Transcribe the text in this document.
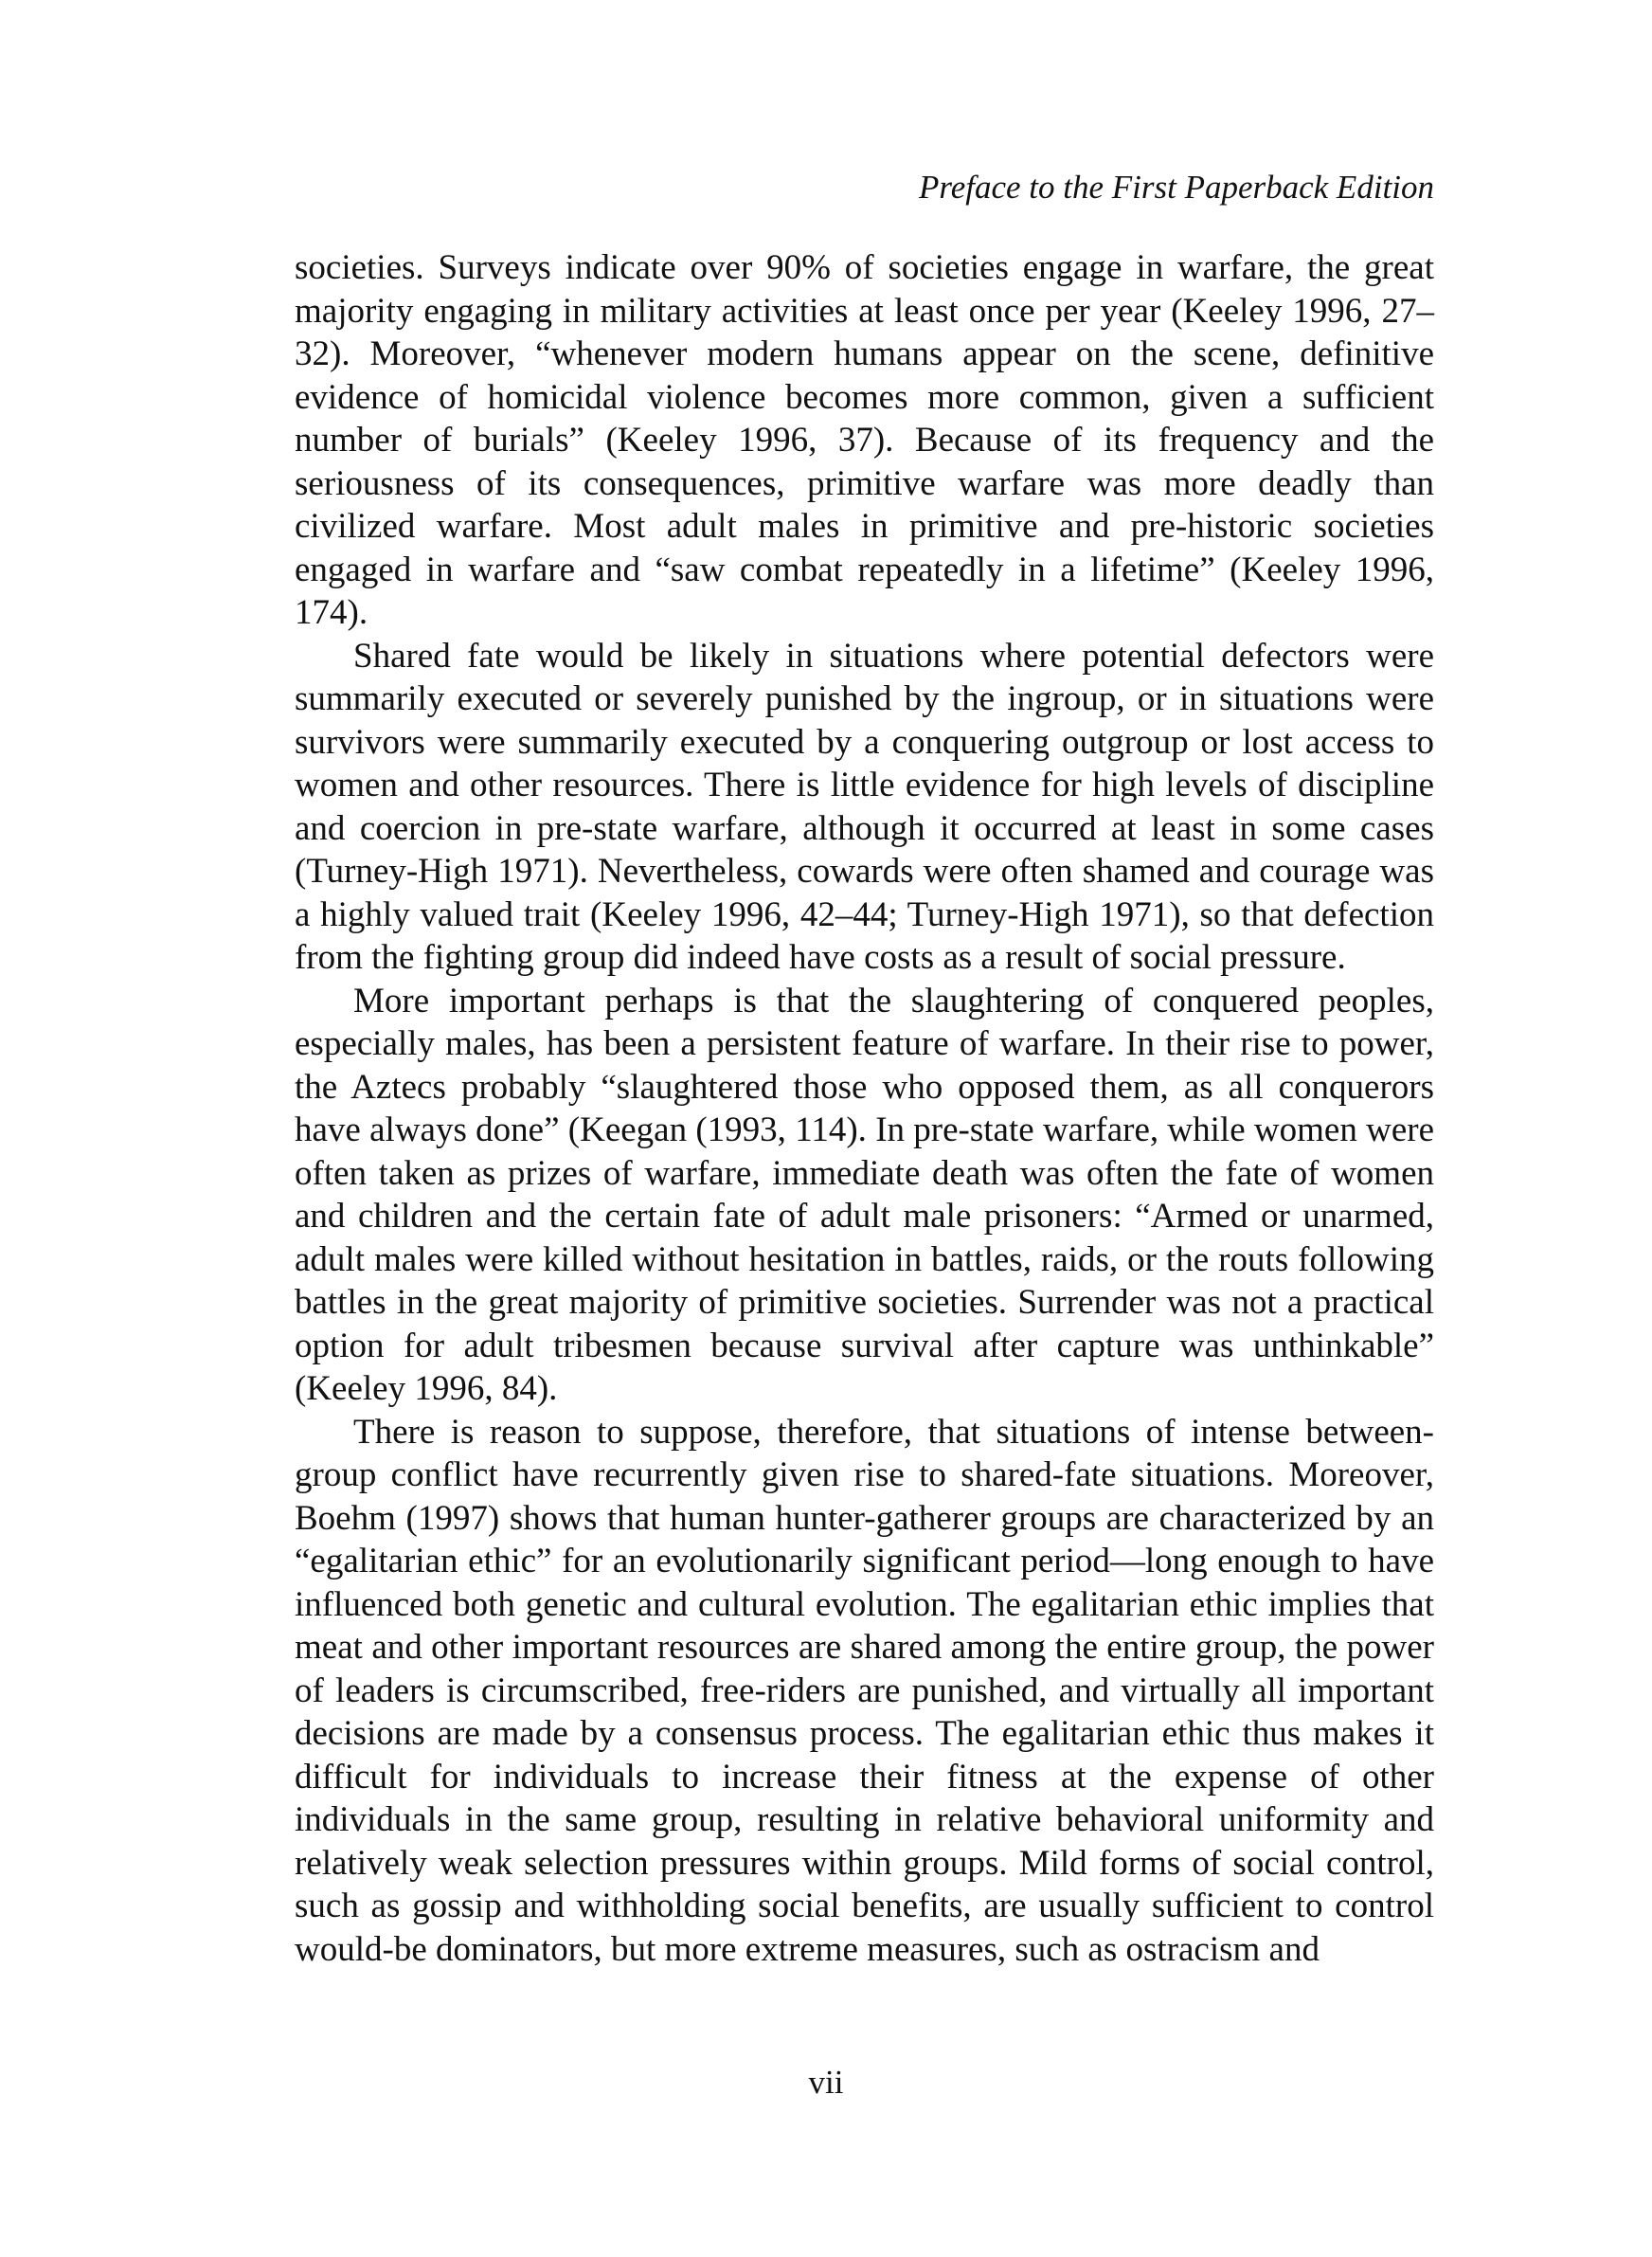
Preface to the First Paperback Edition

societies. Surveys indicate over 90% of societies engage in warfare, the great majority engaging in military activities at least once per year (Keeley 1996, 27–32). Moreover, “whenever modern humans appear on the scene, definitive evidence of homicidal violence becomes more common, given a sufficient number of burials” (Keeley 1996, 37). Because of its frequency and the seriousness of its consequences, primitive warfare was more deadly than civilized warfare. Most adult males in primitive and pre-historic societies engaged in warfare and “saw combat repeatedly in a lifetime” (Keeley 1996, 174).

Shared fate would be likely in situations where potential defectors were summarily executed or severely punished by the ingroup, or in situations were survivors were summarily executed by a conquering outgroup or lost access to women and other resources. There is little evidence for high levels of discipline and coercion in pre-state warfare, although it occurred at least in some cases (Turney-High 1971). Nevertheless, cowards were often shamed and courage was a highly valued trait (Keeley 1996, 42–44; Turney-High 1971), so that defection from the fighting group did indeed have costs as a result of social pressure.

More important perhaps is that the slaughtering of conquered peoples, especially males, has been a persistent feature of warfare. In their rise to power, the Aztecs probably “slaughtered those who opposed them, as all conquerors have always done” (Keegan (1993, 114). In pre-state warfare, while women were often taken as prizes of warfare, immediate death was often the fate of women and children and the certain fate of adult male prisoners: “Armed or unarmed, adult males were killed without hesitation in battles, raids, or the routs following battles in the great majority of primitive societies. Surrender was not a practical option for adult tribesmen because survival after capture was unthinkable” (Keeley 1996, 84).

There is reason to suppose, therefore, that situations of intense between-group conflict have recurrently given rise to shared-fate situations. Moreover, Boehm (1997) shows that human hunter-gatherer groups are characterized by an “egalitarian ethic” for an evolutionarily significant period—long enough to have influenced both genetic and cultural evolution. The egalitarian ethic implies that meat and other important resources are shared among the entire group, the power of leaders is circumscribed, free-riders are punished, and virtually all important decisions are made by a consensus process. The egalitarian ethic thus makes it difficult for individuals to increase their fitness at the expense of other individuals in the same group, resulting in relative behavioral uniformity and relatively weak selection pressures within groups. Mild forms of social control, such as gossip and withholding social benefits, are usually sufficient to control would-be dominators, but more extreme measures, such as ostracism and

vii
